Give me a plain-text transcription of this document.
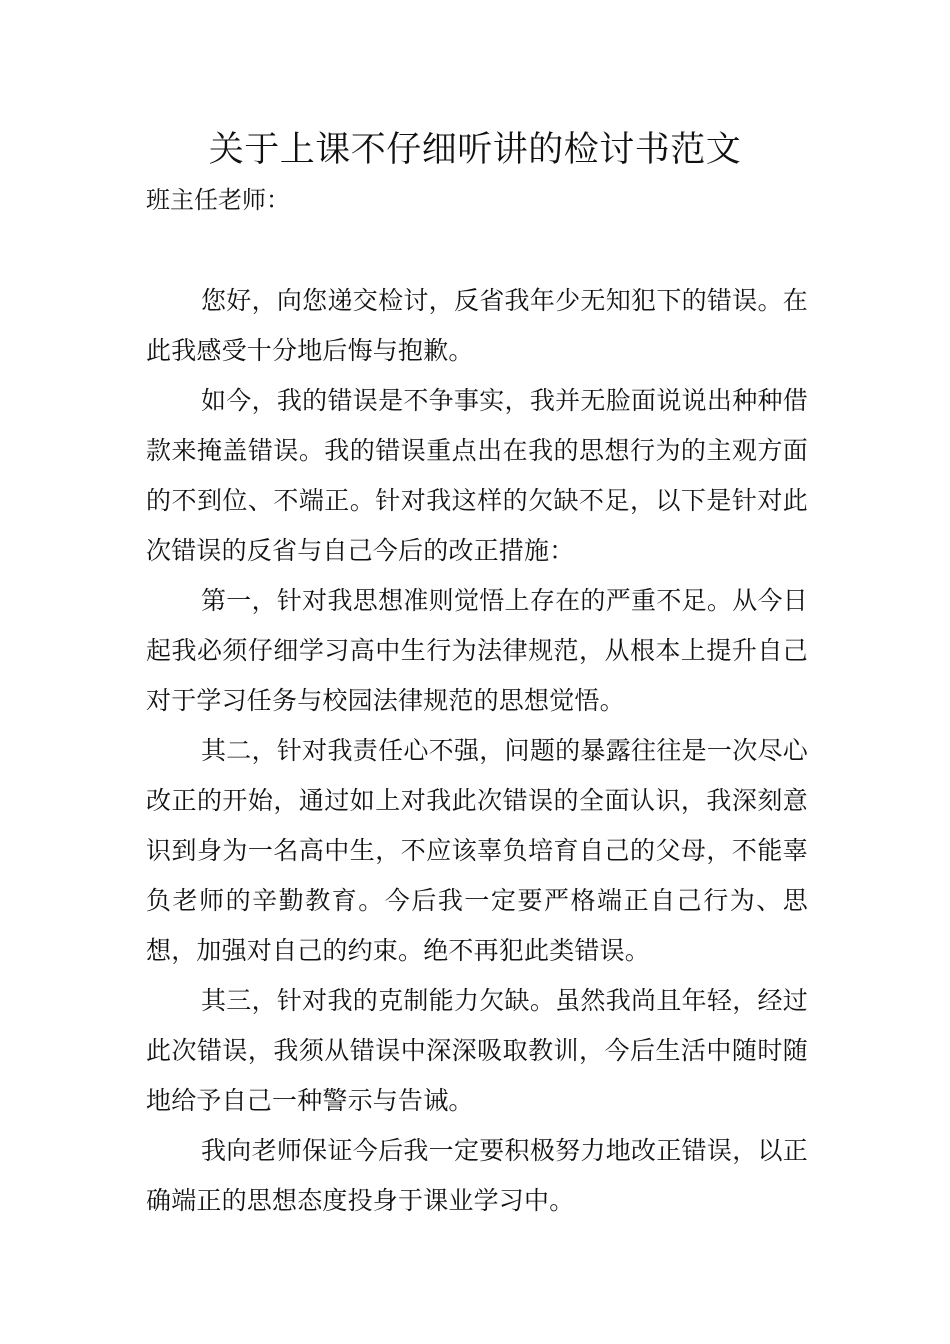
关于上课不仔细听讲的检讨书范文

班主任老师：

您好，向您递交检讨，反省我年少无知犯下的错误。在此我感受十分地后悔与抱歉。

如今，我的错误是不争事实，我并无脸面说说出种种借款来掩盖错误。我的错误重点出在我的思想行为的主观方面的不到位、不端正。针对我这样的欠缺不足，以下是针对此次错误的反省与自己今后的改正措施：

第一，针对我思想准则觉悟上存在的严重不足。从今日起我必须仔细学习高中生行为法律规范，从根本上提升自己对于学习任务与校园法律规范的思想觉悟。

其二，针对我责任心不强，问题的暴露往往是一次尽心改正的开始，通过如上对我此次错误的全面认识，我深刻意识到身为一名高中生，不应该辜负培育自己的父母，不能辜负老师的辛勤教育。今后我一定要严格端正自己行为、思想，加强对自己的约束。绝不再犯此类错误。

其三，针对我的克制能力欠缺。虽然我尚且年轻，经过此次错误，我须从错误中深深吸取教训，今后生活中随时随地给予自己一种警示与告诫。

我向老师保证今后我一定要积极努力地改正错误，以正确端正的思想态度投身于课业学习中。
